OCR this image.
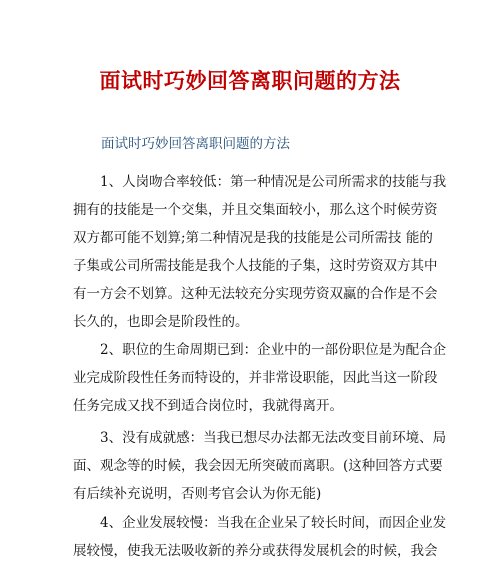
面试时巧妙回答离职问题的方法
面试时巧妙回答离职问题的方法
1、人岗吻合率较低：第一种情况是公司所需求的技能与我
拥有的技能是一个交集，并且交集面较小，那么这个时候劳资
双方都可能不划算;第二种情况是我的技能是公司所需技 能的
子集或公司所需技能是我个人技能的子集，这时劳资双方其中
有一方会不划算。这种无法较充分实现劳资双赢的合作是不会
长久的，也即会是阶段性的。
2、职位的生命周期已到：企业中的一部份职位是为配合企
业完成阶段性任务而特设的，并非常设职能，因此当这一阶段
任务完成又找不到适合岗位时，我就得离开。
3、没有成就感：当我已想尽办法都无法改变目前环境、局
面、观念等的时候，我会因无所突破而离职。(这种回答方式要
有后续补充说明，否则考官会认为你无能)
4、企业发展较慢：当我在企业呆了较长时间，而因企业发
展较慢，使我无法吸收新的养分或获得发展机会的时候，我会
